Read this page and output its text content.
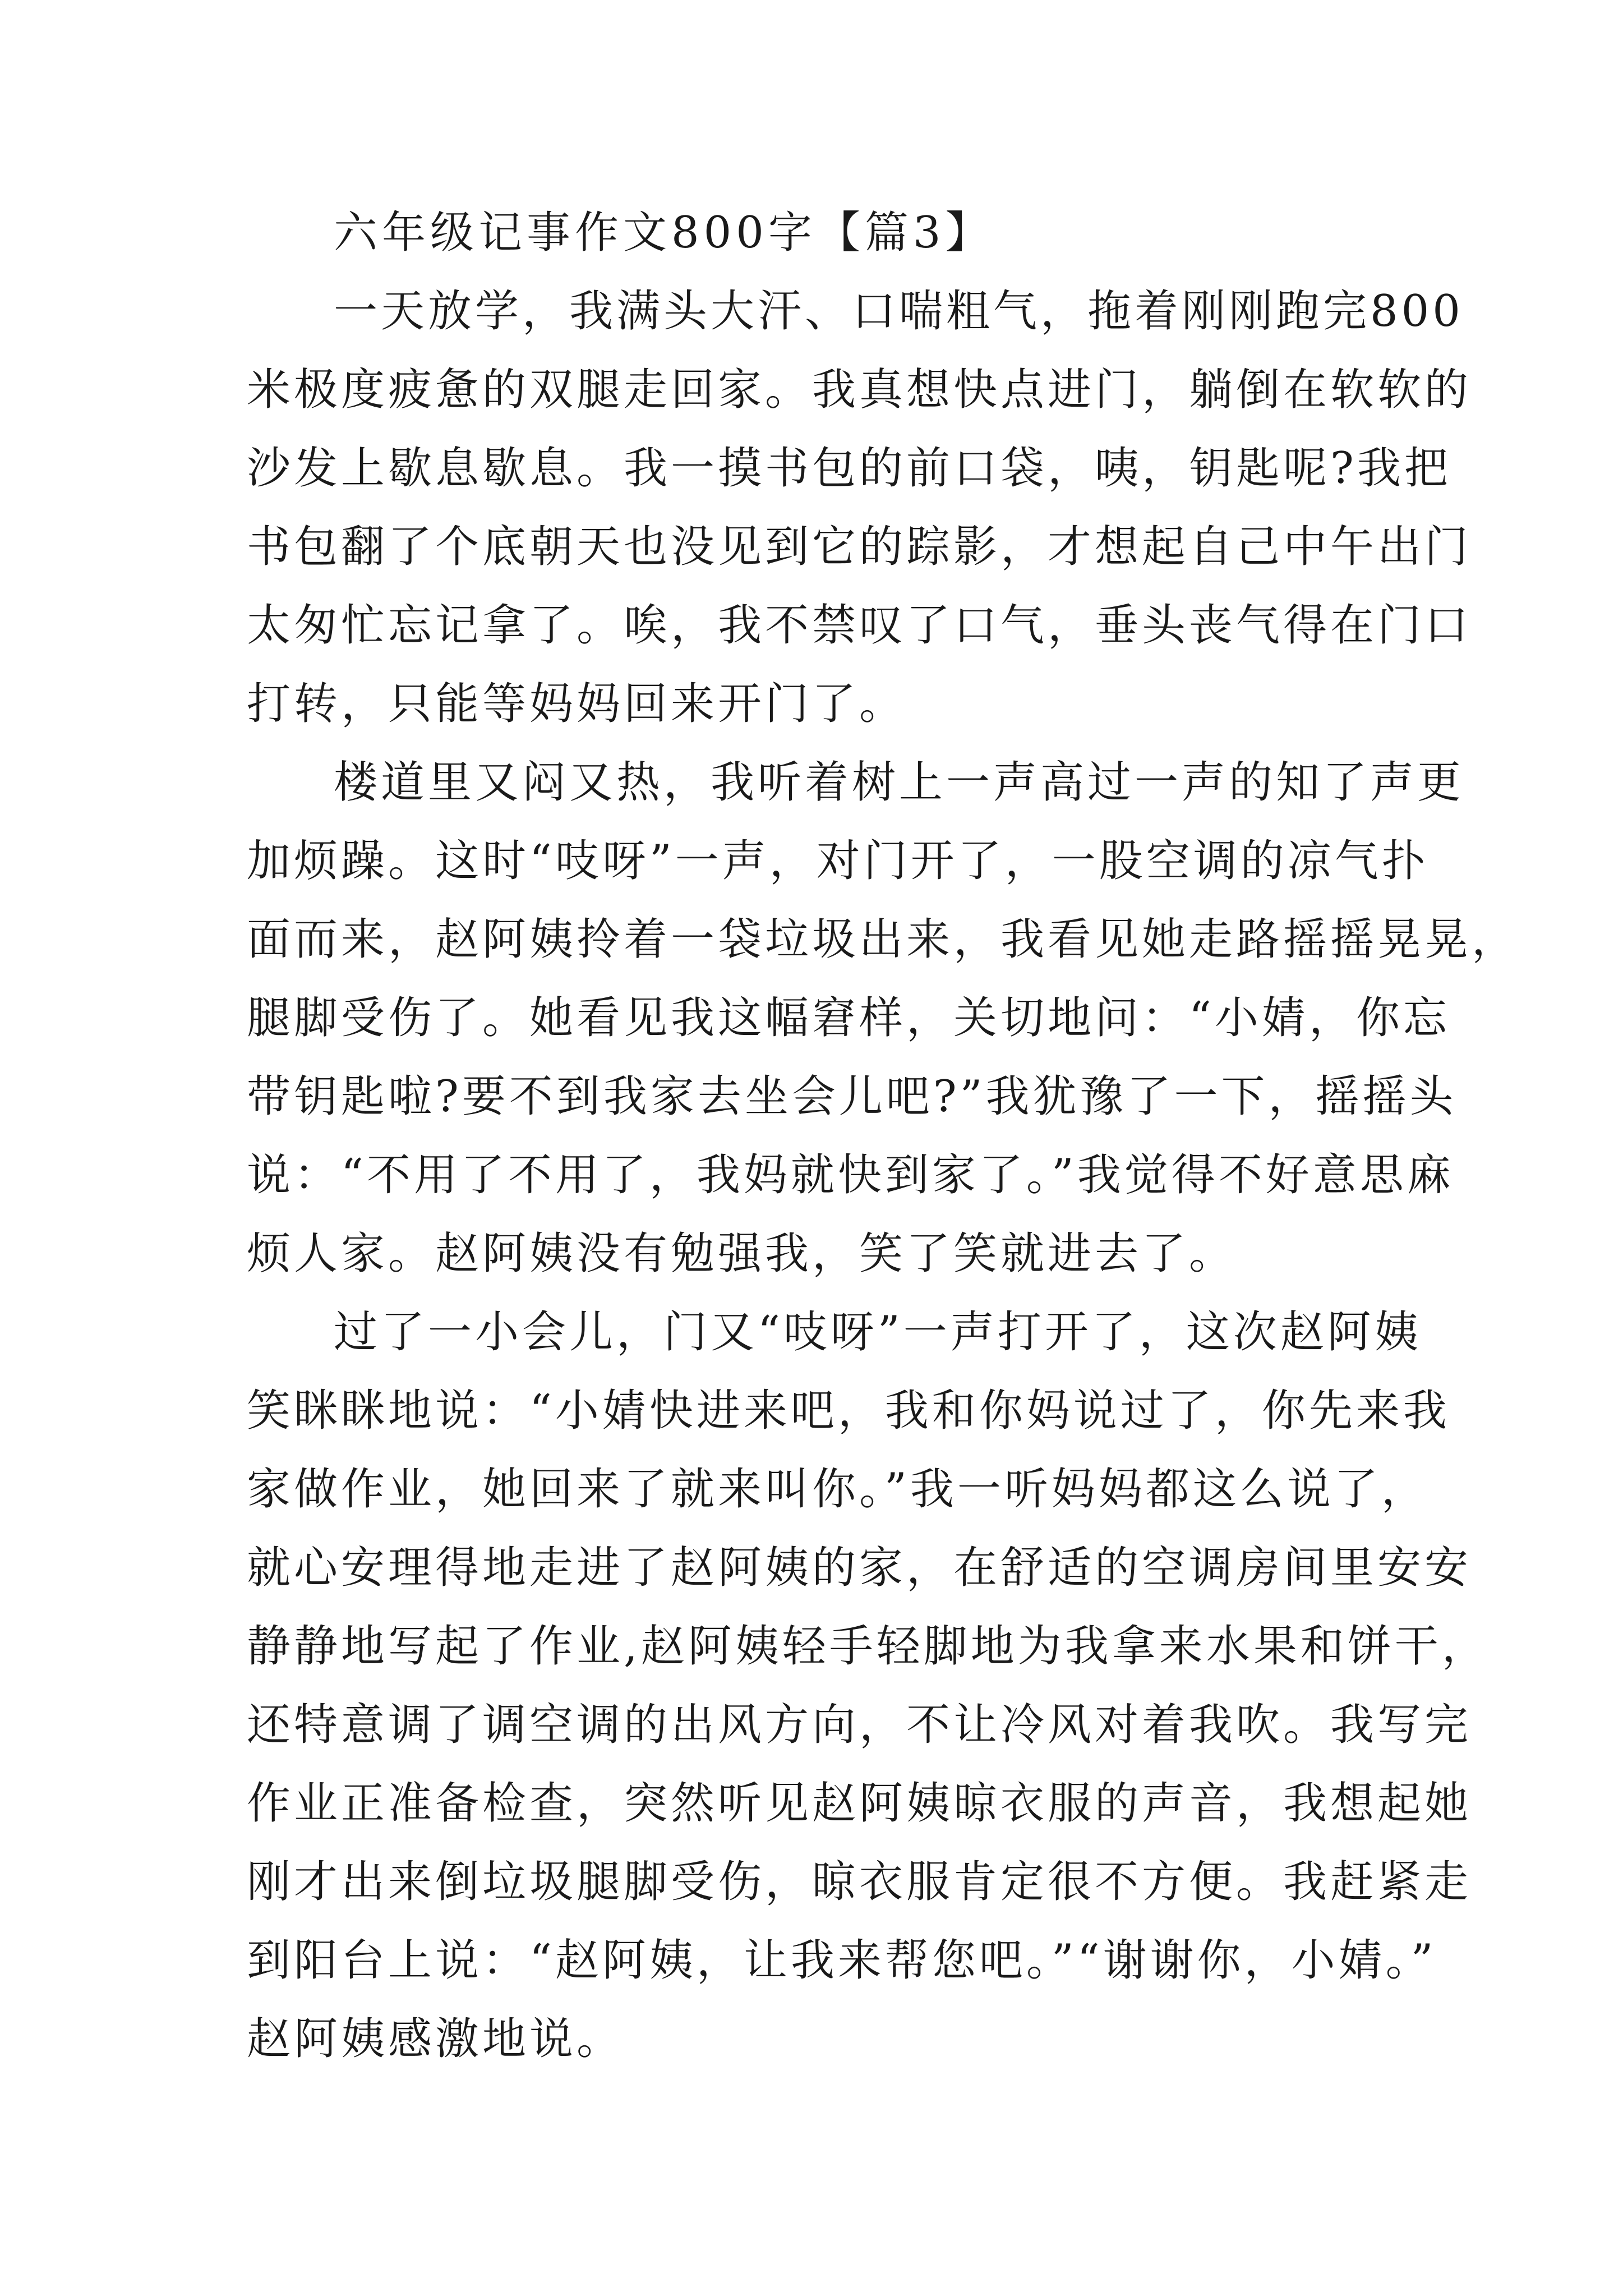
六年级记事作文800字【篇3】

一天放学，我满头大汗、口喘粗气，拖着刚刚跑完800
米极度疲惫的双腿走回家。我真想快点进门，躺倒在软软的
沙发上歇息歇息。我一摸书包的前口袋，咦，钥匙呢?我把
书包翻了个底朝天也没见到它的踪影，才想起自己中午出门
太匆忙忘记拿了。唉，我不禁叹了口气，垂头丧气得在门口
打转，只能等妈妈回来开门了。

楼道里又闷又热，我听着树上一声高过一声的知了声更
加烦躁。这时“吱呀”一声，对门开了，一股空调的凉气扑
面而来，赵阿姨拎着一袋垃圾出来，我看见她走路摇摇晃晃，
腿脚受伤了。她看见我这幅窘样，关切地问：“小婧，你忘
带钥匙啦?要不到我家去坐会儿吧?”我犹豫了一下，摇摇头
说：“不用了不用了，我妈就快到家了。”我觉得不好意思麻
烦人家。赵阿姨没有勉强我，笑了笑就进去了。

过了一小会儿，门又“吱呀”一声打开了，这次赵阿姨
笑眯眯地说：“小婧快进来吧，我和你妈说过了，你先来我
家做作业，她回来了就来叫你。”我一听妈妈都这么说了，
就心安理得地走进了赵阿姨的家，在舒适的空调房间里安安
静静地写起了作业,赵阿姨轻手轻脚地为我拿来水果和饼干，
还特意调了调空调的出风方向，不让冷风对着我吹。我写完
作业正准备检查，突然听见赵阿姨晾衣服的声音，我想起她
刚才出来倒垃圾腿脚受伤，晾衣服肯定很不方便。我赶紧走
到阳台上说：“赵阿姨，让我来帮您吧。”“谢谢你，小婧。”
赵阿姨感激地说。
